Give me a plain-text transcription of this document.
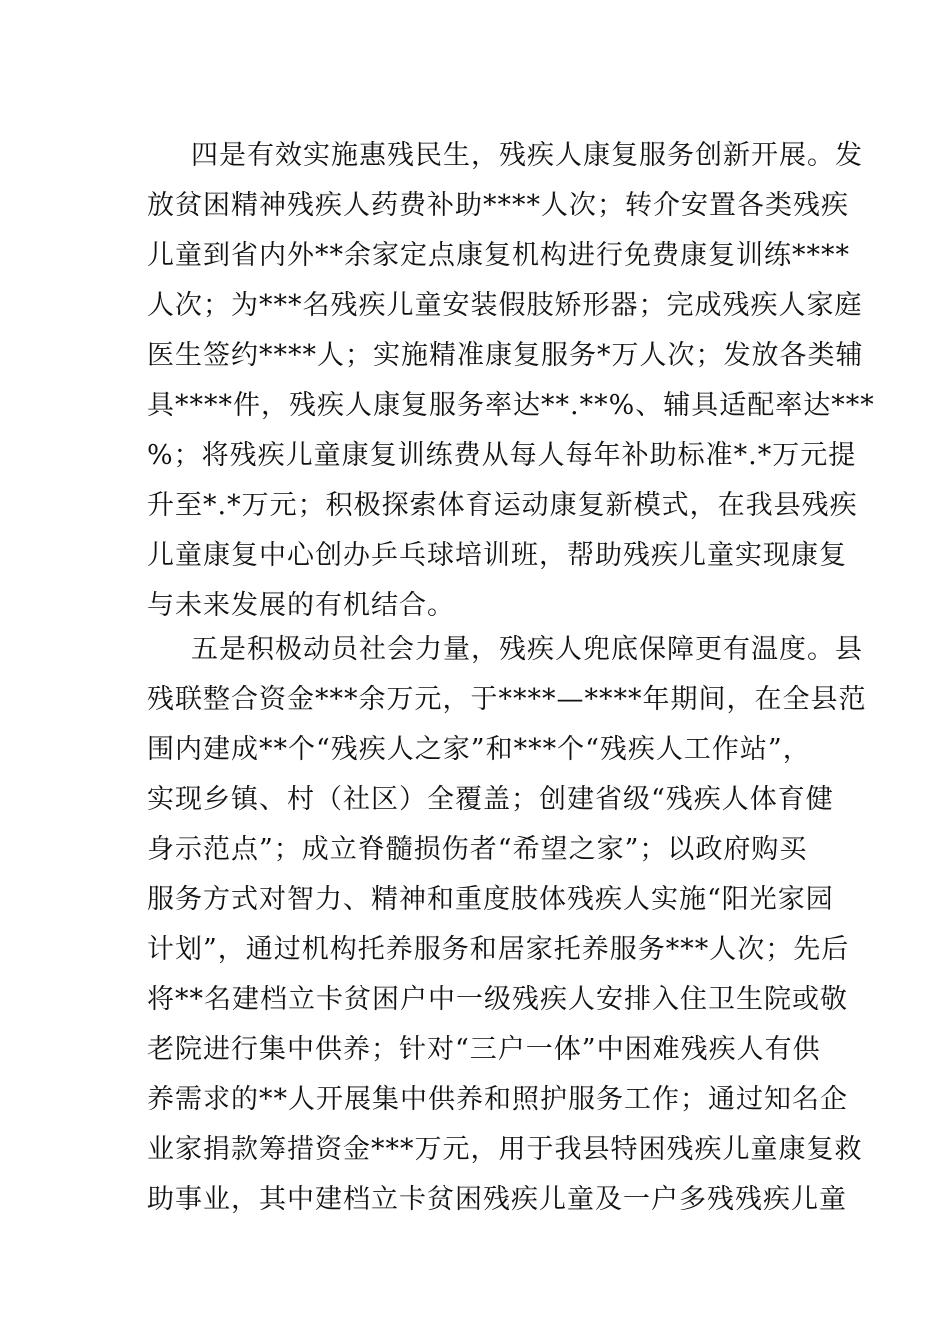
四是有效实施惠残民生，残疾人康复服务创新开展。发
放贫困精神残疾人药费补助****人次；转介安置各类残疾
儿童到省内外**余家定点康复机构进行免费康复训练****
人次；为***名残疾儿童安装假肢矫形器；完成残疾人家庭
医生签约****人；实施精准康复服务*万人次；发放各类辅
具****件，残疾人康复服务率达**.**%、辅具适配率达***
%；将残疾儿童康复训练费从每人每年补助标准*.*万元提
升至*.*万元；积极探索体育运动康复新模式，在我县残疾
儿童康复中心创办乒乓球培训班，帮助残疾儿童实现康复
与未来发展的有机结合。
五是积极动员社会力量，残疾人兜底保障更有温度。县
残联整合资金***余万元，于****—****年期间，在全县范
围内建成**个“残疾人之家”和***个“残疾人工作站”，
实现乡镇、村（社区）全覆盖；创建省级“残疾人体育健
身示范点”；成立脊髓损伤者“希望之家”；以政府购买
服务方式对智力、精神和重度肢体残疾人实施“阳光家园
计划”，通过机构托养服务和居家托养服务***人次；先后
将**名建档立卡贫困户中一级残疾人安排入住卫生院或敬
老院进行集中供养；针对“三户一体”中困难残疾人有供
养需求的**人开展集中供养和照护服务工作；通过知名企
业家捐款筹措资金***万元，用于我县特困残疾儿童康复救
助事业，其中建档立卡贫困残疾儿童及一户多残残疾儿童
